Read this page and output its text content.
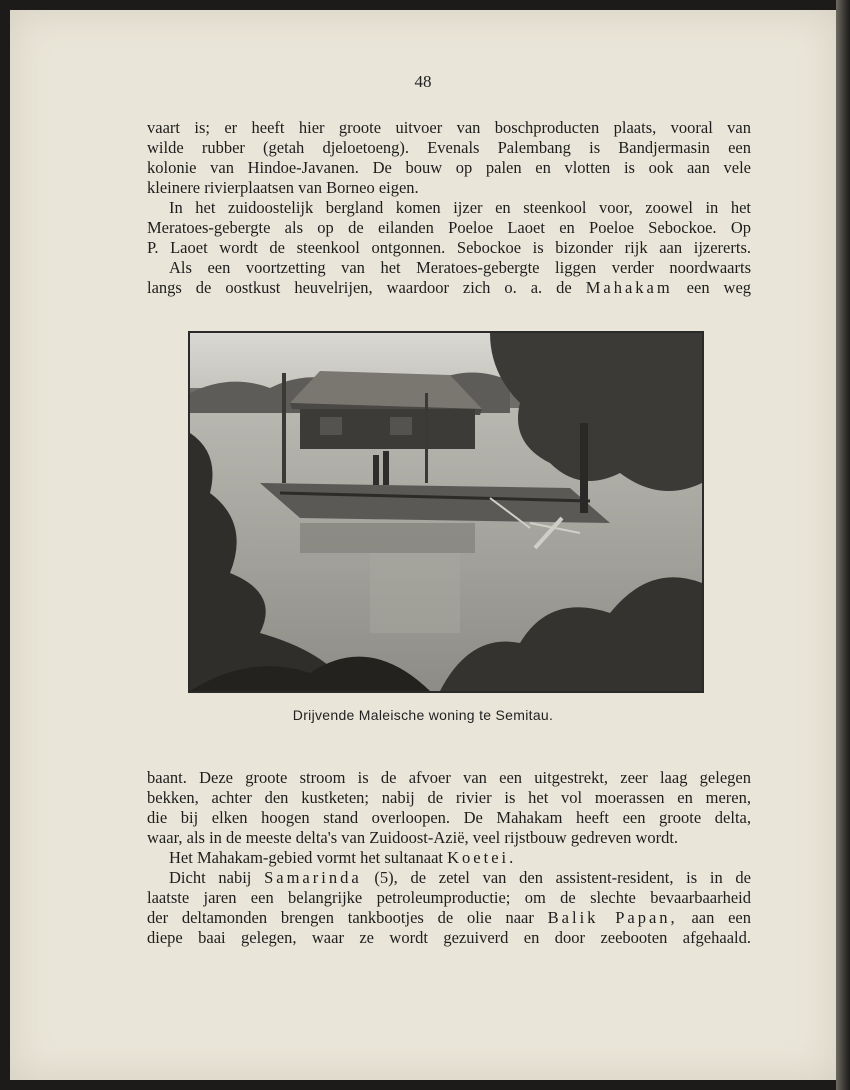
48

vaart is; er heeft hier groote uitvoer van boschproducten plaats, vooral van

wilde rubber (getah djeloetoeng). Evenals Palembang is Bandjermasin een

kolonie van Hindoe-Javanen. De bouw op palen en vlotten is ook aan vele

kleinere rivierplaatsen van Borneo eigen.

In het zuidoostelijk bergland komen ijzer en steenkool voor, zoowel in het

Meratoes-gebergte als op de eilanden Poeloe Laoet en Poeloe Sebockoe. Op

P. Laoet wordt de steenkool ontgonnen. Sebockoe is bizonder rijk aan ijzererts.

Als een voortzetting van het Meratoes-gebergte liggen verder noordwaarts

langs de oostkust heuvelrijen, waardoor zich o. a. de Mahakam een weg

Drijvende Maleische woning te Semitau.

baant. Deze groote stroom is de afvoer van een uitgestrekt, zeer laag gelegen

bekken, achter den kustketen; nabij de rivier is het vol moerassen en meren,

die bij elken hoogen stand overloopen. De Mahakam heeft een groote delta,

waar, als in de meeste delta's van Zuidoost-Azië, veel rijstbouw gedreven wordt.

Het Mahakam-gebied vormt het sultanaat Koetei.

Dicht nabij Samarinda (5), de zetel van den assistent-resident, is in de

laatste jaren een belangrijke petroleumproductie; om de slechte bevaarbaarheid

der deltamonden brengen tankbootjes de olie naar Balik Papan, aan een

diepe baai gelegen, waar ze wordt gezuiverd en door zeebooten afgehaald.
